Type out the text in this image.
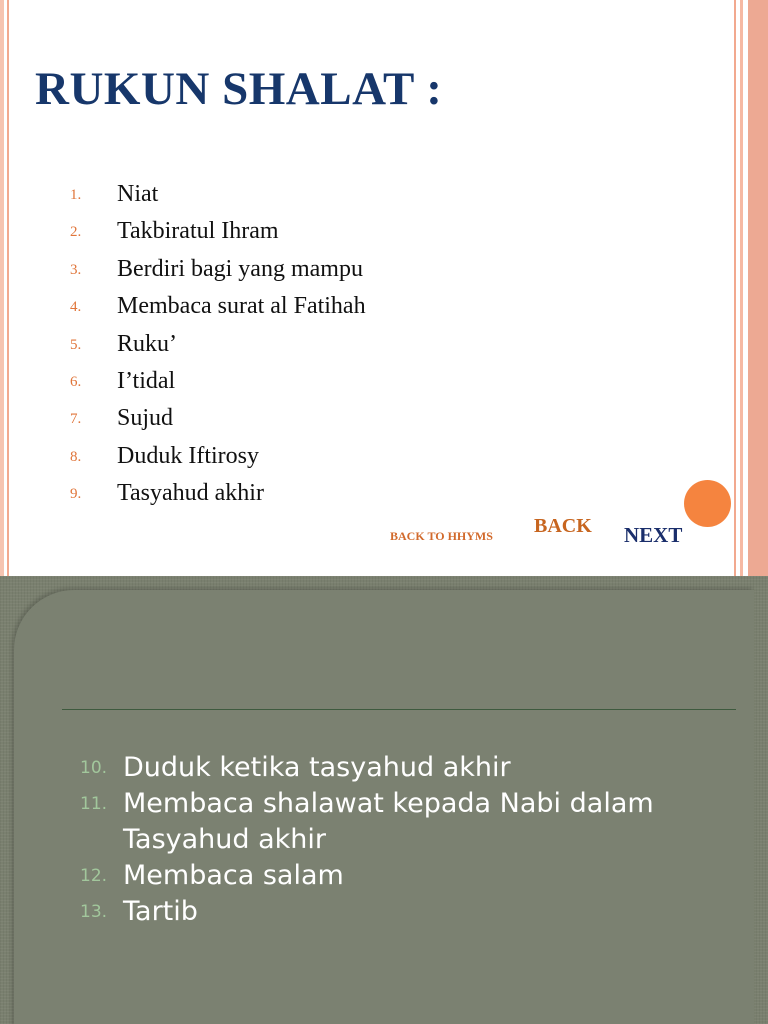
RUKUN SHALAT :
1.	Niat
2.	Takbiratul Ihram
3.	Berdiri bagi yang mampu
4.	Membaca surat al Fatihah
5.	Ruku’
6.	I’tidal
7.	Sujud
8.	Duduk Iftirosy
9.	Tasyahud akhir
BACK TO HHYMS BACK NEXT
10. Duduk ketika tasyahud akhir
11. Membaca shalawat kepada Nabi dalam Tasyahud akhir
12. Membaca salam
13. Tartib
